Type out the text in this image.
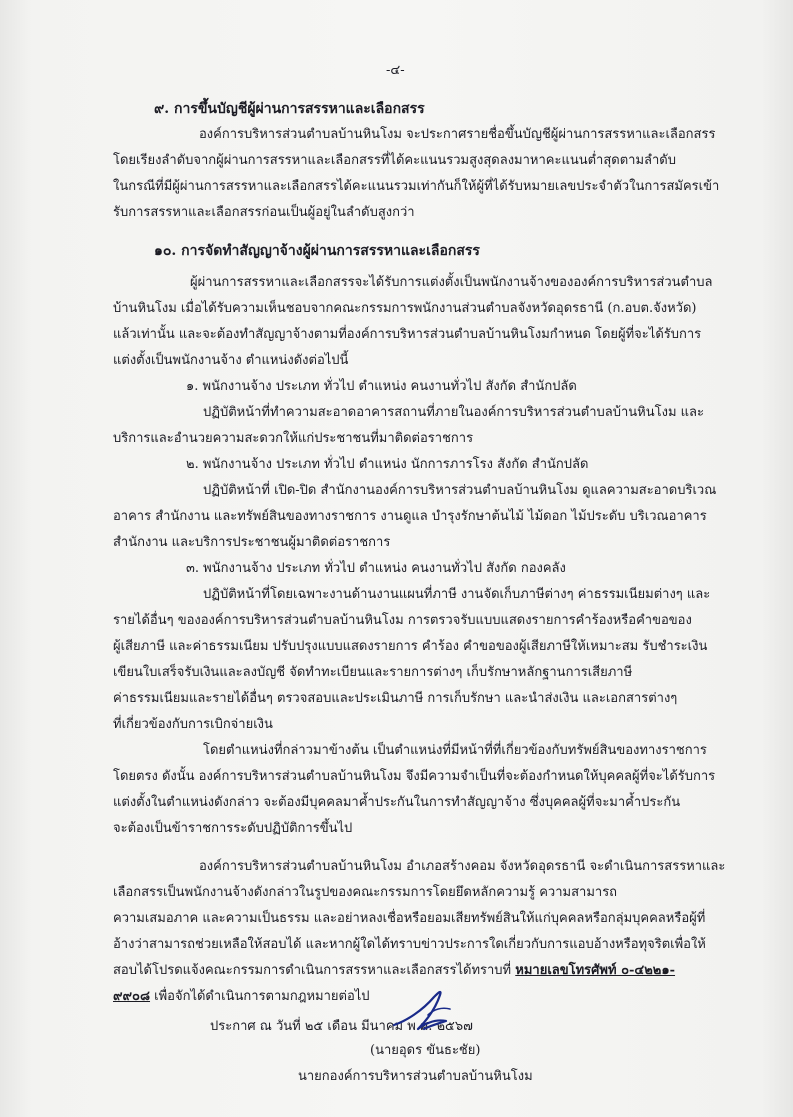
-๔-
๙. การขึ้นบัญชีผู้ผ่านการสรรหาและเลือกสรร
องค์การบริหารส่วนตำบลบ้านหินโงม จะประกาศรายชื่อขึ้นบัญชีผู้ผ่านการสรรหาและเลือกสรร
โดยเรียงลำดับจากผู้ผ่านการสรรหาและเลือกสรรที่ได้คะแนนรวมสูงสุดลงมาหาคะแนนต่ำสุดตามลำดับ
ในกรณีที่มีผู้ผ่านการสรรหาและเลือกสรรได้คะแนนรวมเท่ากันก็ให้ผู้ที่ได้รับหมายเลขประจำตัวในการสมัครเข้า
รับการสรรหาและเลือกสรรก่อนเป็นผู้อยู่ในลำดับสูงกว่า
๑๐. การจัดทำสัญญาจ้างผู้ผ่านการสรรหาและเลือกสรร
ผู้ผ่านการสรรหาและเลือกสรรจะได้รับการแต่งตั้งเป็นพนักงานจ้างขององค์การบริหารส่วนตำบล
บ้านหินโงม เมื่อได้รับความเห็นชอบจากคณะกรรมการพนักงานส่วนตำบลจังหวัดอุดรธานี (ก.อบต.จังหวัด)
แล้วเท่านั้น และจะต้องทำสัญญาจ้างตามที่องค์การบริหารส่วนตำบลบ้านหินโงมกำหนด โดยผู้ที่จะได้รับการ
แต่งตั้งเป็นพนักงานจ้าง ตำแหน่งดังต่อไปนี้
๑. พนักงานจ้าง ประเภท ทั่วไป ตำแหน่ง คนงานทั่วไป สังกัด สำนักปลัด
ปฏิบัติหน้าที่ทำความสะอาดอาคารสถานที่ภายในองค์การบริหารส่วนตำบลบ้านหินโงม และ
บริการและอำนวยความสะดวกให้แก่ประชาชนที่มาติดต่อราชการ
๒. พนักงานจ้าง ประเภท ทั่วไป ตำแหน่ง นักการภารโรง สังกัด สำนักปลัด
ปฏิบัติหน้าที่ เปิด-ปิด สำนักงานองค์การบริหารส่วนตำบลบ้านหินโงม ดูแลความสะอาดบริเวณ
อาคาร สำนักงาน และทรัพย์สินของทางราชการ งานดูแล บำรุงรักษาต้นไม้ ไม้ดอก ไม้ประดับ บริเวณอาคาร
สำนักงาน และบริการประชาชนผู้มาติดต่อราชการ
๓. พนักงานจ้าง ประเภท ทั่วไป ตำแหน่ง คนงานทั่วไป สังกัด กองคลัง
ปฏิบัติหน้าที่โดยเฉพาะงานด้านงานแผนที่ภาษี งานจัดเก็บภาษีต่างๆ ค่าธรรมเนียมต่างๆ และ
รายได้อื่นๆ ขององค์การบริหารส่วนตำบลบ้านหินโงม การตรวจรับแบบแสดงรายการคำร้องหรือคำขอของ
ผู้เสียภาษี และค่าธรรมเนียม ปรับปรุงแบบแสดงรายการ คำร้อง คำขอของผู้เสียภาษีให้เหมาะสม รับชำระเงิน
เขียนใบเสร็จรับเงินและลงบัญชี จัดทำทะเบียนและรายการต่างๆ เก็บรักษาหลักฐานการเสียภาษี
ค่าธรรมเนียมและรายได้อื่นๆ ตรวจสอบและประเมินภาษี การเก็บรักษา และนำส่งเงิน และเอกสารต่างๆ
ที่เกี่ยวข้องกับการเบิกจ่ายเงิน
โดยตำแหน่งที่กล่าวมาข้างต้น เป็นตำแหน่งที่มีหน้าที่ที่เกี่ยวข้องกับทรัพย์สินของทางราชการ
โดยตรง ดังนั้น องค์การบริหารส่วนตำบลบ้านหินโงม จึงมีความจำเป็นที่จะต้องกำหนดให้บุคคลผู้ที่จะได้รับการ
แต่งตั้งในตำแหน่งดังกล่าว จะต้องมีบุคคลมาค้ำประกันในการทำสัญญาจ้าง ซึ่งบุคคลผู้ที่จะมาค้ำประกัน
จะต้องเป็นข้าราชการระดับปฏิบัติการขึ้นไป
องค์การบริหารส่วนตำบลบ้านหินโงม อำเภอสร้างคอม จังหวัดอุดรธานี จะดำเนินการสรรหาและ
เลือกสรรเป็นพนักงานจ้างดังกล่าวในรูปของคณะกรรมการโดยยึดหลักความรู้ ความสามารถ
ความเสมอภาค และความเป็นธรรม และอย่าหลงเชื่อหรือยอมเสียทรัพย์สินให้แก่บุคคลหรือกลุ่มบุคคลหรือผู้ที่
อ้างว่าสามารถช่วยเหลือให้สอบได้ และหากผู้ใดได้ทราบข่าวประการใดเกี่ยวกับการแอบอ้างหรือทุจริตเพื่อให้
สอบได้โปรดแจ้งคณะกรรมการดำเนินการสรรหาและเลือกสรรได้ทราบที่ หมายเลขโทรศัพท์ ๐-๔๒๒๑-
๙๙๐๘ เพื่อจักได้ดำเนินการตามกฎหมายต่อไป
ประกาศ ณ วันที่ ๒๕ เดือน มีนาคม พ.ศ. ๒๕๖๗
(นายอุดร ขันธะชัย)
นายกองค์การบริหารส่วนตำบลบ้านหินโงม
